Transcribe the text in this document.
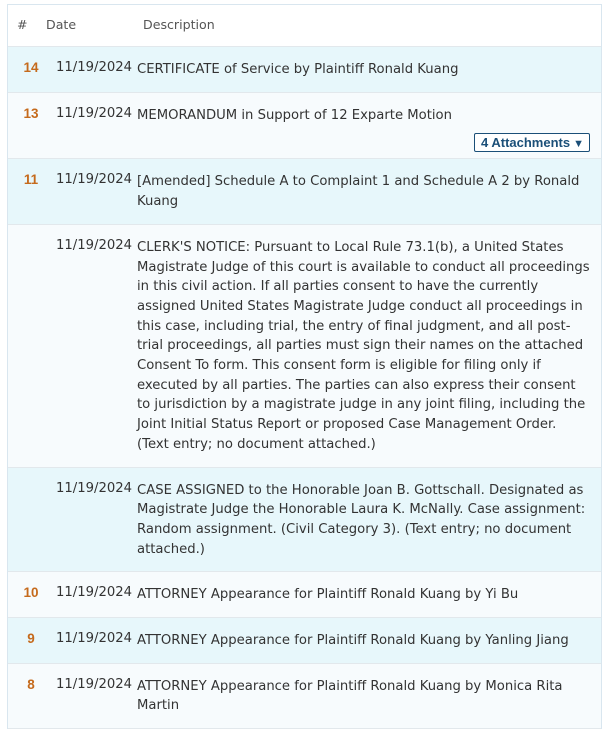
# Date	Description
14	11/19/2024 CERTIFICATE of Service by Plaintiff Ronald Kuang
13	11/19/2024 MEMORANDUM in Support of 12 Exparte Motion
4 Attachments ▼
11	11/19/2024 [Amended] Schedule A to Complaint 1 and Schedule A 2 by Ronald Kuang
11/19/2024 CLERK'S NOTICE: Pursuant to Local Rule 73.1(b), a United States Magistrate Judge of this court is available to conduct all proceedings in this civil action. If all parties consent to have the currently assigned United States Magistrate Judge conduct all proceedings in this case, including trial, the entry of final judgment, and all post-trial proceedings, all parties must sign their names on the attached Consent To form. This consent form is eligible for filing only if executed by all parties. The parties can also express their consent to jurisdiction by a magistrate judge in any joint filing, including the Joint Initial Status Report or proposed Case Management Order. (Text entry; no document attached.)
11/19/2024 CASE ASSIGNED to the Honorable Joan B. Gottschall. Designated as Magistrate Judge the Honorable Laura K. McNally. Case assignment: Random assignment. (Civil Category 3). (Text entry; no document attached.)
10	11/19/2024 ATTORNEY Appearance for Plaintiff Ronald Kuang by Yi Bu
9	11/19/2024 ATTORNEY Appearance for Plaintiff Ronald Kuang by Yanling Jiang
8	11/19/2024 ATTORNEY Appearance for Plaintiff Ronald Kuang by Monica Rita Martin
